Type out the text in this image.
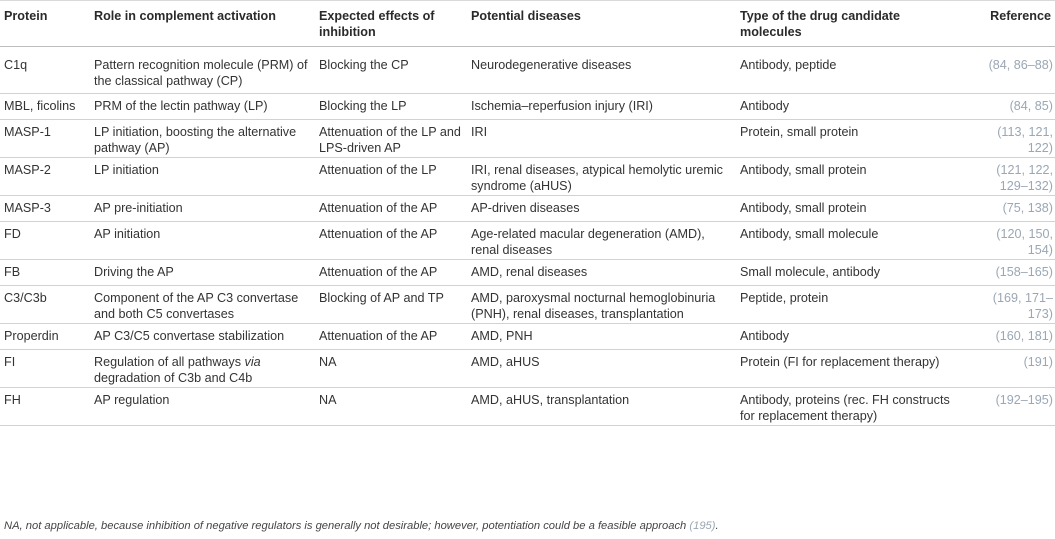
Protein	Role in complement activation	Expected effects of inhibition	Potential diseases	Type of the drug candidate molecules	Reference
C1q	Pattern recognition molecule (PRM) of the classical pathway (CP)	Blocking the CP	Neurodegenerative diseases	Antibody, peptide	(84, 86–88)
MBL, ficolins	PRM of the lectin pathway (LP)	Blocking the LP	Ischemia–reperfusion injury (IRI)	Antibody	(84, 85)
MASP-1	LP initiation, boosting the alternative pathway (AP)	Attenuation of the LP and LPS-driven AP	IRI	Protein, small protein	(113, 121, 122)
MASP-2	LP initiation	Attenuation of the LP	IRI, renal diseases, atypical hemolytic uremic syndrome (aHUS)	Antibody, small protein	(121, 122, 129–132)
MASP-3	AP pre-initiation	Attenuation of the AP	AP-driven diseases	Antibody, small protein	(75, 138)
FD	AP initiation	Attenuation of the AP	Age-related macular degeneration (AMD), renal diseases	Antibody, small molecule	(120, 150, 154)
FB	Driving the AP	Attenuation of the AP	AMD, renal diseases	Small molecule, antibody	(158–165)
C3/C3b	Component of the AP C3 convertase and both C5 convertases	Blocking of AP and TP	AMD, paroxysmal nocturnal hemoglobinuria (PNH), renal diseases, transplantation	Peptide, protein	(169, 171–173)
Properdin	AP C3/C5 convertase stabilization	Attenuation of the AP	AMD, PNH	Antibody	(160, 181)
FI	Regulation of all pathways via degradation of C3b and C4b	NA	AMD, aHUS	Protein (FI for replacement therapy)	(191)
FH	AP regulation	NA	AMD, aHUS, transplantation	Antibody, proteins (rec. FH constructs for replacement therapy)	(192–195)
NA, not applicable, because inhibition of negative regulators is generally not desirable; however, potentiation could be a feasible approach (195).
